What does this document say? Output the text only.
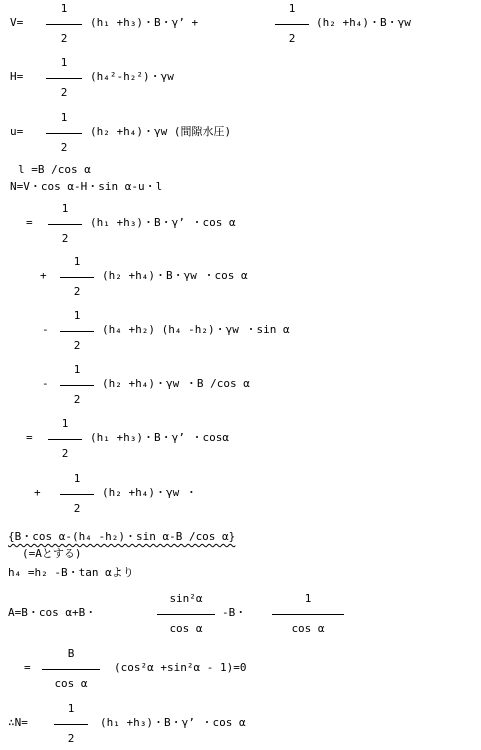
V=
1
2
(h₁ +h₃)・B・γ’ +
1
2
(h₂ +h₄)・B・γw
H=
1
2
(h₄²-h₂²)・γw
u=
1
2
(h₂ +h₄)・γw (間隙水圧)
l =B /cos α
N=V・cos α-H・sin α-u・l
=
1
2
(h₁ +h₃)・B・γ’ ・cos α
+
1
2
(h₂ +h₄)・B・γw ・cos α
-
1
2
(h₄ +h₂) (h₄ -h₂)・γw ・sin α
-
1
2
(h₂ +h₄)・γw ・B /cos α
=
1
2
(h₁ +h₃)・B・γ’ ・cosα
+
1
2
(h₂ +h₄)・γw ・
{B・cos α-(h₄ -h₂)・sin α-B /cos α}
(=Aとする)
h₄ =h₂ -B・tan αより
A=B・cos α+B・
sin²α
cos α
-B・
1
cos α
=
B
cos α
(cos²α +sin²α - 1)=0
∴N=
1
2
(h₁ +h₃)・B・γ’ ・cos α
